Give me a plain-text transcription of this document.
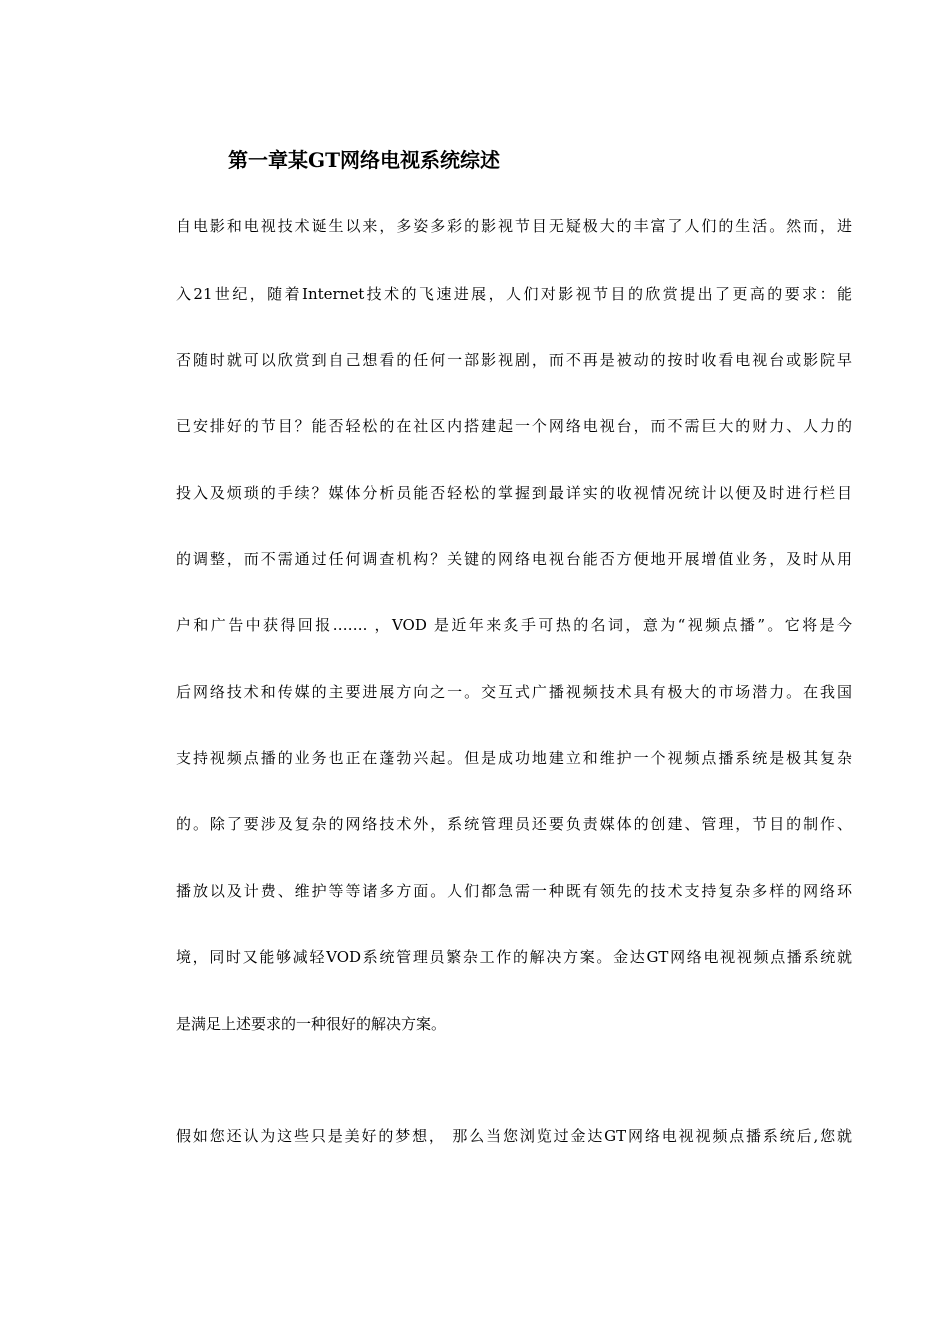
第一章某GT网络电视系统综述

自电影和电视技术诞生以来，多姿多彩的影视节目无疑极大的丰富了人们的生活。然而，进

入21世纪，随着Internet技术的飞速进展，人们对影视节目的欣赏提出了更高的要求：能

否随时就可以欣赏到自己想看的任何一部影视剧，而不再是被动的按时收看电视台或影院早

已安排好的节目？能否轻松的在社区内搭建起一个网络电视台，而不需巨大的财力、人力的

投入及烦琐的手续？媒体分析员能否轻松的掌握到最详实的收视情况统计以便及时进行栏目

的调整，而不需通过任何调查机构？关键的网络电视台能否方便地开展增值业务，及时从用

户和广告中获得回报……. ，VOD 是近年来炙手可热的名词，意为“视频点播”。它将是今

后网络技术和传媒的主要进展方向之一。交互式广播视频技术具有极大的市场潜力。在我国

支持视频点播的业务也正在蓬勃兴起。但是成功地建立和维护一个视频点播系统是极其复杂

的。除了要涉及复杂的网络技术外，系统管理员还要负责媒体的创建、管理，节目的制作、

播放以及计费、维护等等诸多方面。人们都急需一种既有领先的技术支持复杂多样的网络环

境，同时又能够减轻VOD系统管理员繁杂工作的解决方案。金达GT网络电视视频点播系统就

是满足上述要求的一种很好的解决方案。

假如您还认为这些只是美好的梦想， 那么当您浏览过金达GT网络电视视频点播系统后,您就
